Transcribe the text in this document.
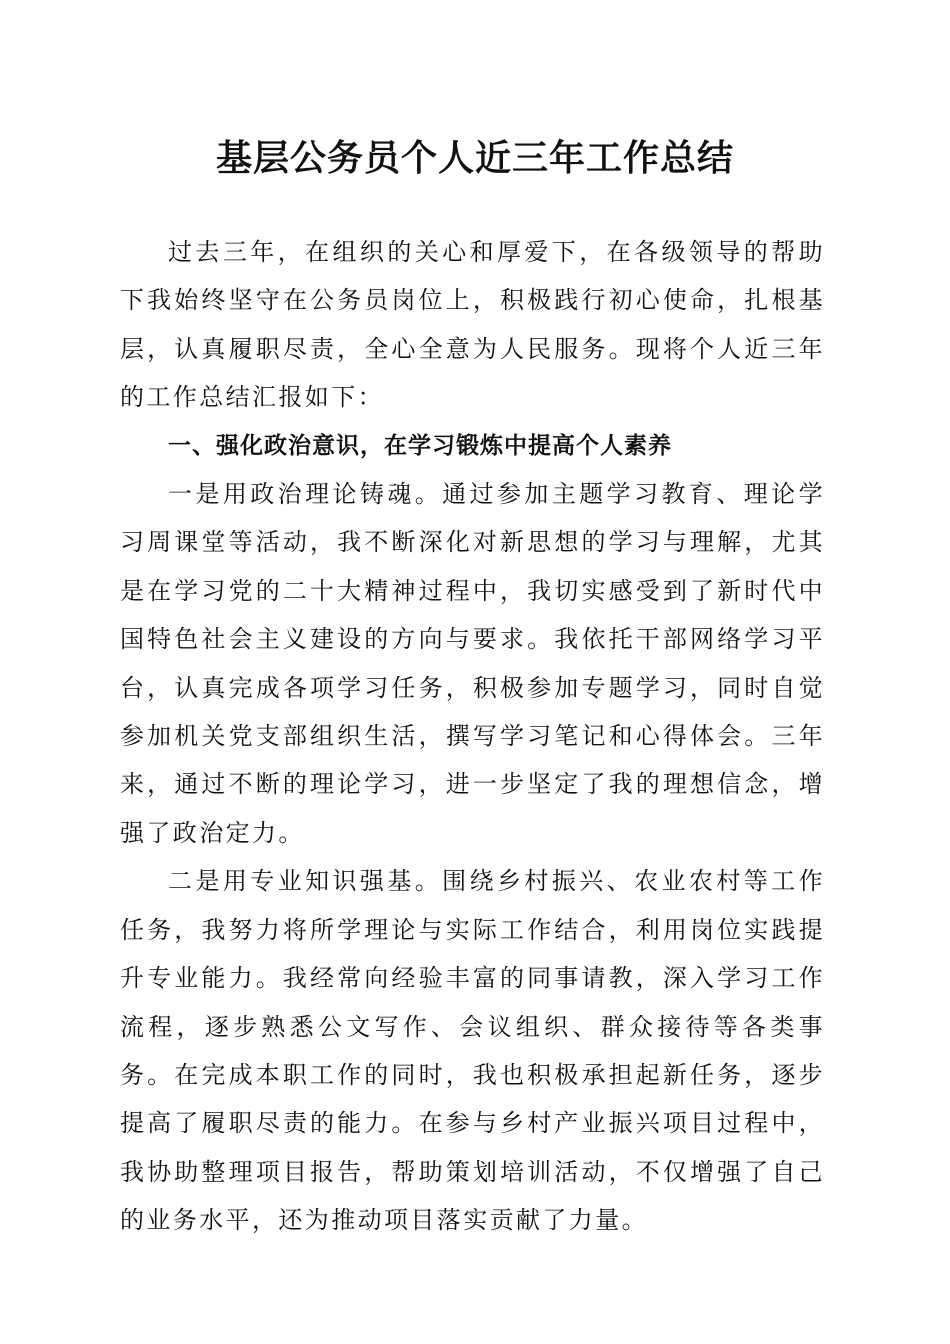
基层公务员个人近三年工作总结

过去三年，在组织的关心和厚爱下，在各级领导的帮助下我始终坚守在公务员岗位上，积极践行初心使命，扎根基层，认真履职尽责，全心全意为人民服务。现将个人近三年的工作总结汇报如下：

一、强化政治意识，在学习锻炼中提高个人素养

一是用政治理论铸魂。通过参加主题学习教育、理论学习周课堂等活动，我不断深化对新思想的学习与理解，尤其是在学习党的二十大精神过程中，我切实感受到了新时代中国特色社会主义建设的方向与要求。我依托干部网络学习平台，认真完成各项学习任务，积极参加专题学习，同时自觉参加机关党支部组织生活，撰写学习笔记和心得体会。三年来，通过不断的理论学习，进一步坚定了我的理想信念，增强了政治定力。

二是用专业知识强基。围绕乡村振兴、农业农村等工作任务，我努力将所学理论与实际工作结合，利用岗位实践提升专业能力。我经常向经验丰富的同事请教，深入学习工作流程，逐步熟悉公文写作、会议组织、群众接待等各类事务。在完成本职工作的同时，我也积极承担起新任务，逐步提高了履职尽责的能力。在参与乡村产业振兴项目过程中，我协助整理项目报告，帮助策划培训活动，不仅增强了自己的业务水平，还为推动项目落实贡献了力量。
